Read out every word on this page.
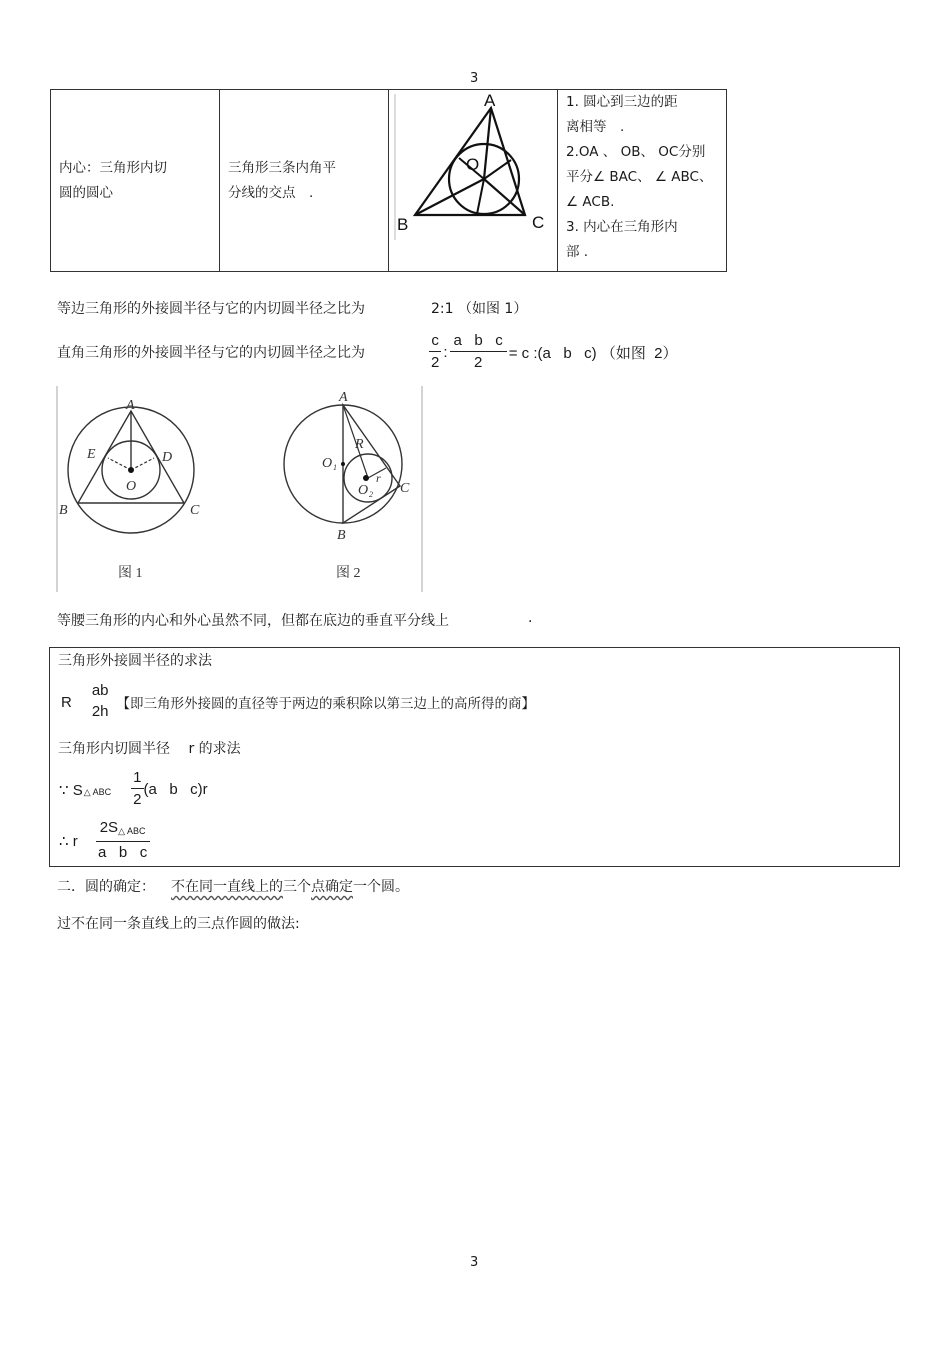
3
内心：三角形内切
圆的圆心

三角形三条内角平
分线的交点　.

A
B	C
O

1. 圆心到三边的距
离相等　.
2.OA 、 OB、 OC分别
平分∠ BAC、 ∠ ABC、
∠ ACB.
3. 内心在三角形内
部 .
等边三角形的外接圆半径与它的内切圆半径之比为	2:1 （如图 1）
直角三角形的外接圆半径与它的内切圆半径之比为	$\frac{c}{2}$ : $\frac{\text{a   b   c}}{2} = c$ :(a   b   c) （如图  2）
A
B	C
D
E
O
图 1
A
B
C
O 1
O 2
R
r
图 2
等腰三角形的内心和外心虽然不同，但都在底边的垂直平分线上	.
三角形外接圆半径的求法
R
ab
2h 【即三角形外接圆的直径等于两边的乘积除以第三边上的高所得的商】
三角形内切圆半径　 r 的求法
∵ S △ ABC $\frac{1}{2} (a$   b   c)r
∴ r $\frac{2S_{\triangle ABC}}{\text{a   b   c}}$
二．圆的确定： 不在同一直线上的三个点确定一个圆。
过不在同一条直线上的三点作圆的做法:
3
